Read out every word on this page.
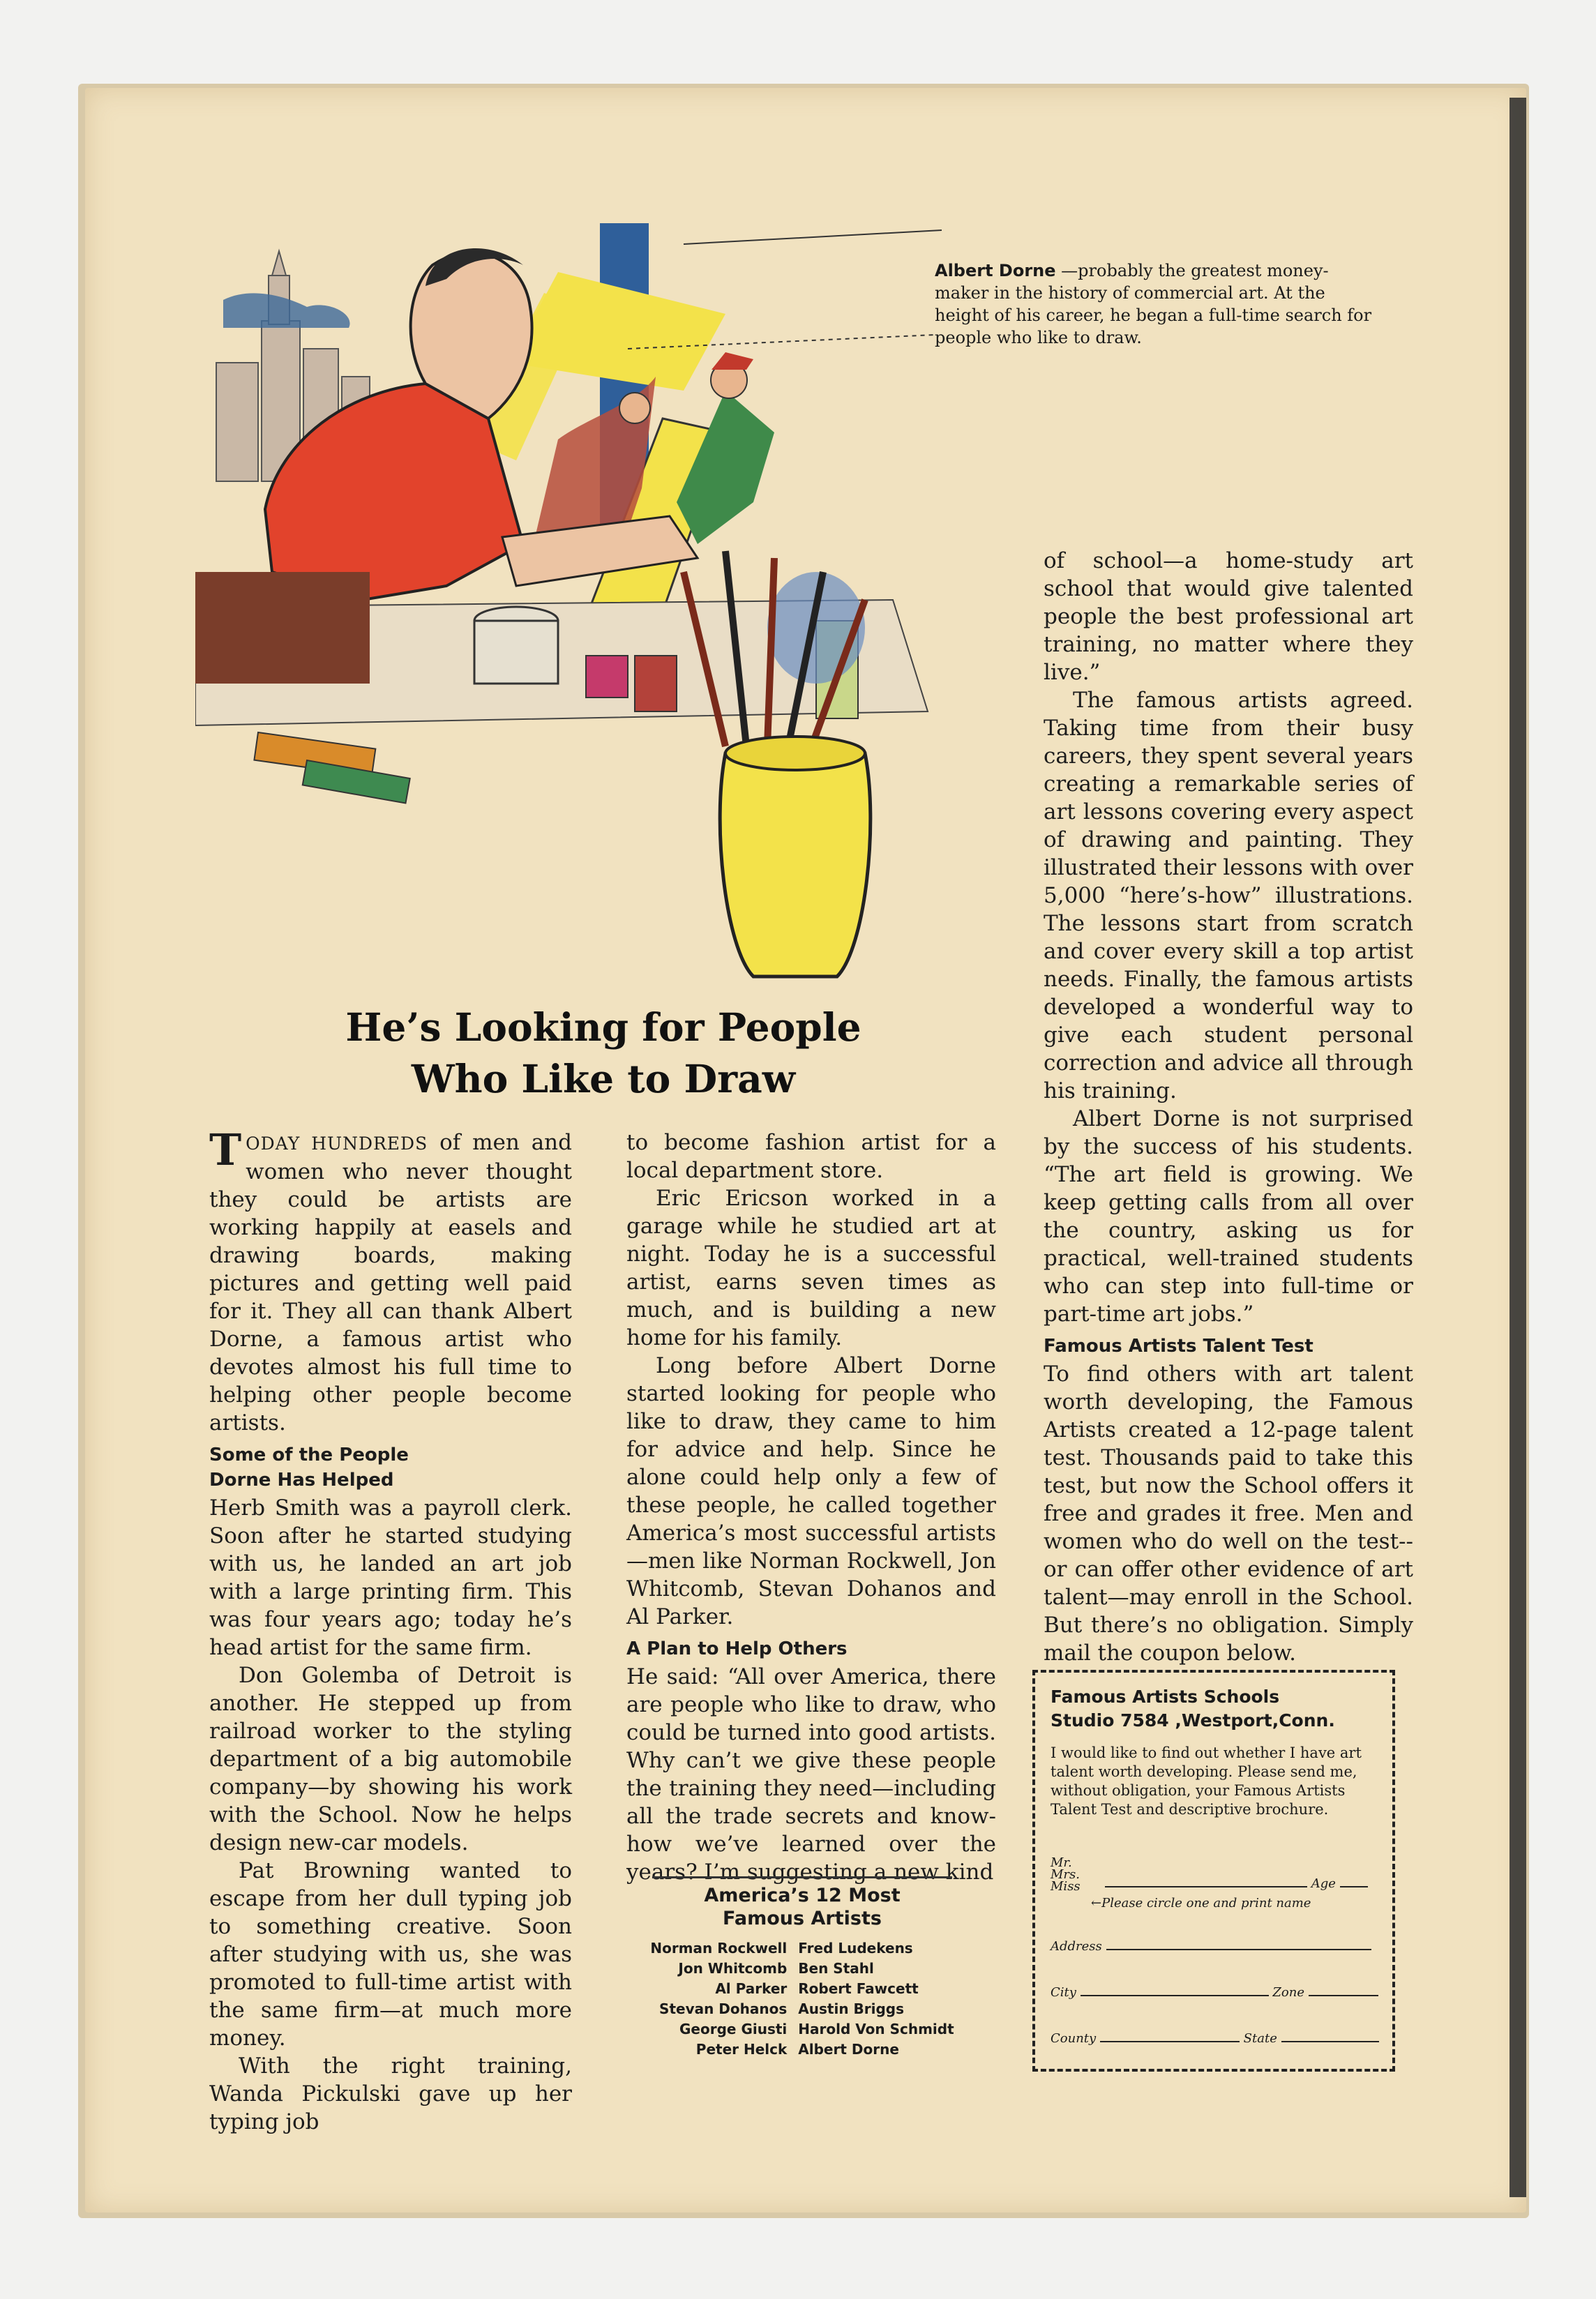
Albert Dorne —probably the greatest money-maker in the history of commercial art. At the height of his career, he began a full-time search for people who like to draw.
He’s Looking for People
Who Like to Draw

TODAY HUNDREDS of men and women who never thought they could be artists are working happily at easels and drawing boards, making pictures and getting well paid for it. They all can thank Albert Dorne, a famous artist who devotes almost his full time to helping other people become artists.

Some of the People
Dorne Has Helped

Herb Smith was a payroll clerk. Soon after he started studying with us, he landed an art job with a large printing firm. This was four years ago; today he’s head artist for the same firm.

Don Golemba of Detroit is another. He stepped up from railroad worker to the styling department of a big automobile company—by showing his work with the School. Now he helps design new-car models.

Pat Browning wanted to escape from her dull typing job to something creative. Soon after studying with us, she was promoted to full-time artist with the same firm—at much more money.

With the right training, Wanda Pickulski gave up her typing job

to become fashion artist for a local department store.

Eric Ericson worked in a garage while he studied art at night. Today he is a successful artist, earns seven times as much, and is building a new home for his family.

Long before Albert Dorne started looking for people who like to draw, they came to him for advice and help. Since he alone could help only a few of these people, he called together America’s most successful artists—men like Norman Rockwell, Jon Whitcomb, Stevan Dohanos and Al Parker.

A Plan to Help Others

He said: “All over America, there are people who like to draw, who could be turned into good artists. Why can’t we give these people the training they need—including all the trade secrets and know-how we’ve learned over the years? I’m suggesting a new kind

America’s 12 Most
Famous Artists
Norman Rockwell	Fred Ludekens
Jon Whitcomb	Ben Stahl
Al Parker	Robert Fawcett
Stevan Dohanos	Austin Briggs
George Giusti	Harold Von Schmidt
Peter Helck	Albert Dorne

of school—a home-study art school that would give talented people the best professional art training, no matter where they live.”

The famous artists agreed. Taking time from their busy careers, they spent several years creating a remarkable series of art lessons covering every aspect of drawing and painting. They illustrated their lessons with over 5,000 “here’s-how” illustrations. The lessons start from scratch and cover every skill a top artist needs. Finally, the famous artists developed a wonderful way to give each student personal correction and advice all through his training.

Albert Dorne is not surprised by the success of his students. “The art field is growing. We keep getting calls from all over the country, asking us for practical, well-trained students who can step into full-time or part-time art jobs.”

Famous Artists Talent Test

To find others with art talent worth developing, the Famous Artists created a 12-page talent test. Thousands paid to take this test, but now the School offers it free and grades it free. Men and women who do well on the test--or can offer other evidence of art talent—may enroll in the School. But there’s no obligation. Simply mail the coupon below.

Famous Artists Schools
Studio 7584 ,Westport,Conn.
I would like to find out whether I have art talent worth developing. Please send me, without obligation, your Famous Artists Talent Test and descriptive brochure.
Mr.
Mrs.
Miss	Age
←Please circle one and print name
Address
City	Zone
County	State
